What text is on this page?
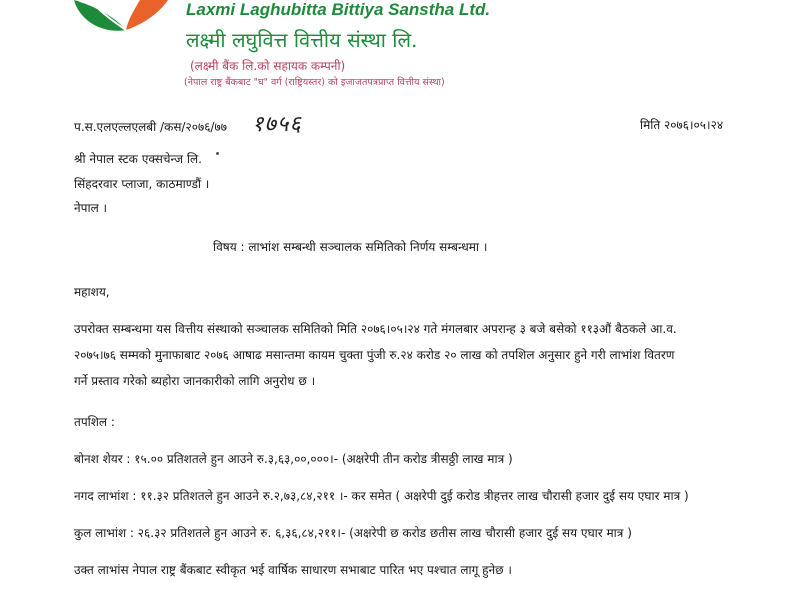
Laxmi Laghubitta Bittiya Sanstha Ltd.
लक्ष्मी लघुवित्त वित्तीय संस्था लि.
(लक्ष्मी बैंक लि.को सहायक कम्पनी)
(नेपाल राष्ट्र बैंकबाट "घ" वर्ग (राष्ट्रियस्तर) को इजाजतपत्रप्राप्त वित्तीय संस्था)
प.स.एलएल्लएलबी /कस/२०७६/७७ १७५६	मिति २०७६।०५।२४
श्री नेपाल स्टक एक्सचेन्ज लि.
सिंहदरवार प्लाजा, काठमाण्डौं ।
नेपाल ।
विषय : लाभांश सम्बन्धी सञ्चालक समितिको निर्णय सम्बन्धमा ।
महाशय,
उपरोक्त सम्बन्धमा यस वित्तीय संस्थाको सञ्चालक समितिको मिति २०७६।०५।२४ गते मंगलबार अपरान्ह ३ बजे बसेको ११३औं बैठकले आ.व.
२०७५।७६ सम्मको मुनाफाबाट २०७६ आषाढ मसान्तमा कायम चुक्ता पुंजी रु.२४ करोड २० लाख को तपशिल अनुसार हुने गरी लाभांश वितरण
गर्ने प्रस्ताव गरेको ब्यहोरा जानकारीको लागि अनुरोध छ ।
तपशिल :
बोनश शेयर : १५.०० प्रतिशतले हुन आउने रु.३,६३,००,०००।- (अक्षरेपी तीन करोड त्रीसठ्ठी लाख मात्र )
नगद लाभांश : ११.३२ प्रतिशतले हुन आउने रु.२,७३,८४,२११ ।- कर समेत ( अक्षरेपी दुई करोड त्रीहत्तर लाख चौरासी हजार दुई सय एघार मात्र )
कुल लाभांश : २६.३२ प्रतिशतले हुन आउने रु. ६,३६,८४,२११।- (अक्षरेपी छ करोड छतीस लाख चौरासी हजार दुई सय एघार मात्र )
उक्त लाभांस नेपाल राष्ट्र बैंकबाट स्वीकृत भई वार्षिक साधारण सभाबाट पारित भए पश्चात लागू हुनेछ ।
